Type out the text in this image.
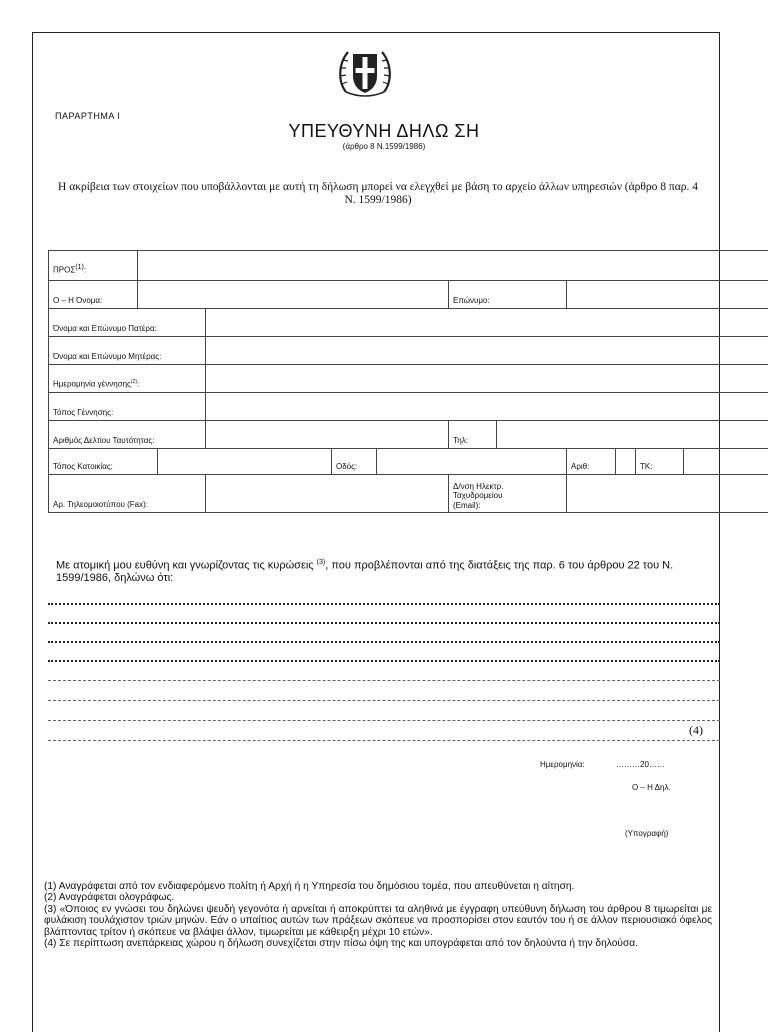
ΠΑΡΑΡΤΗΜΑ Ι
ΥΠΕΥΘΥΝΗ ΔΗΛΩ ΣΗ
(άρθρο 8 Ν.1599/1986)
Η ακρίβεια των στοιχείων που υποβάλλονται με αυτή τη δήλωση μπορεί να ελεγχθεί με βάση το αρχείο άλλων υπηρεσιών (άρθρο 8 παρ. 4 Ν. 1599/1986)
ΠΡΟΣ$^{(1)}$:											
Ο – Η Όνομα:						Επώνυμο:					
Όνομα και Επώνυμο Πατέρα:											
Όνομα και Επώνυμο Μητέρας:											
Ημερομηνία γέννησης$^{(2)}$:											
Τόπος Γέννησης:											
Αριθμός Δελτίου Ταυτότητας:						Τηλ:					
Τόπος Κατοικίας:				Οδός:				Αριθ:		ΤΚ:	
Αρ. Τηλεομοιοτύπου (Fax):						Δ/νση Ηλεκτρ.
Ταχυδρομείου
(Email):					

Με ατομική μου ευθύνη και γνωρίζοντας τις κυρώσεις $^{(3)}$, που προβλέπονται από της διατάξεις της παρ. 6 του άρθρου 22 του Ν. 1599/1986, δηλώνω ότι:
(4)
Ημερομηνία:	………20……
Ο – Η Δηλ.
(Υπογραφή)

(1) Αναγράφεται από τον ενδιαφερόμενο πολίτη ή Αρχή ή η Υπηρεσία του δημόσιου τομέα, που απευθύνεται η αίτηση.

(2) Αναγράφεται ολογράφως.

(3) «Όποιος εν γνώσει του δηλώνει ψευδή γεγονότα ή αρνείται ή αποκρύπτει τα αληθινά με έγγραφη υπεύθυνη δήλωση του άρθρου 8 τιμωρείται με φυλάκιση τουλάχιστον τριών μηνών. Εάν ο υπαίτιος αυτών των πράξεων σκόπευε να προσπορίσει στον εαυτόν του ή σε άλλον περιουσιακό όφελος βλάπτοντας τρίτον ή σκόπευε να βλάψει άλλον, τιμωρείται με κάθειρξη μέχρι 10 ετών».

(4) Σε περίπτωση ανεπάρκειας χώρου η δήλωση συνεχίζεται στην πίσω όψη της και υπογράφεται από τον δηλούντα ή την δηλούσα.
